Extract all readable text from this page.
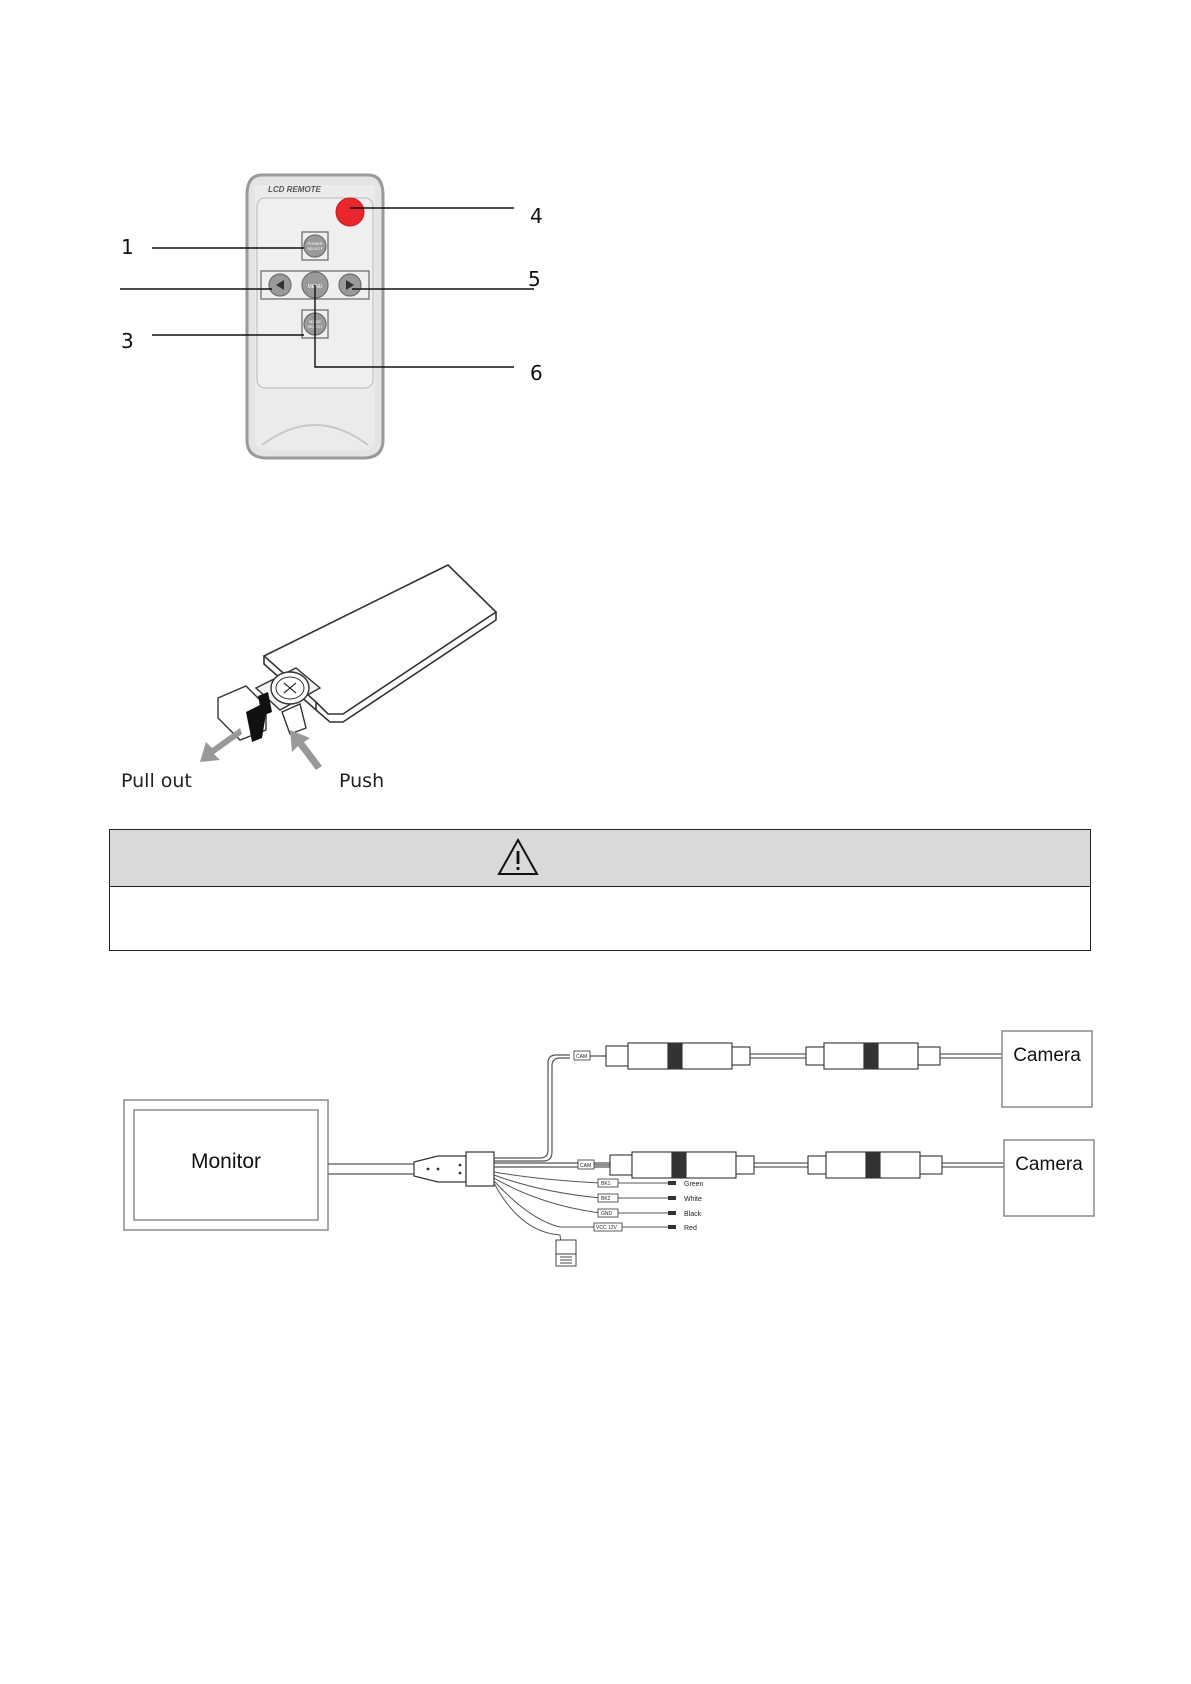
LCD REMOTE
POWER
SELECT
MENU
MODE
SELECT
1
3
4
5
6
Pull out	Push
CAM
CAM
BK1
BK2
GND
VCC 12V
Green
White
Black
Red
Monitor
Camera
Camera
